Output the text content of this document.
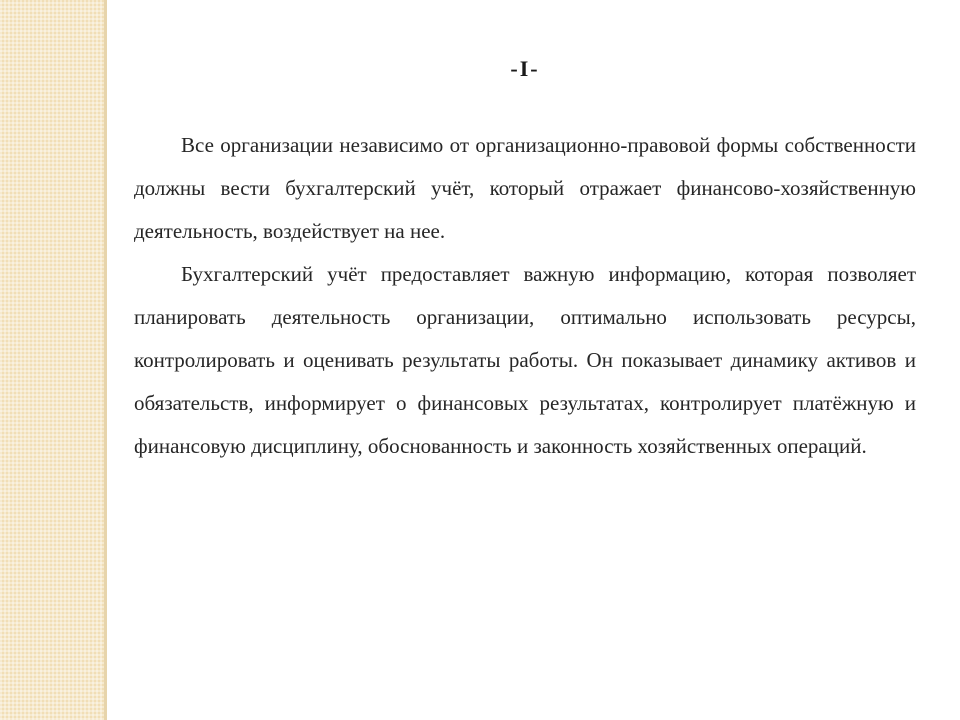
-I-

Все организации независимо от организационно-правовой формы собственности должны вести бухгалтерский учёт, который отражает финансово-хозяйственную деятельность, воздействует на нее.

Бухгалтерский учёт предоставляет важную информацию, которая позволяет планировать деятельность организации, оптимально использовать ресурсы, контролировать и оценивать результаты работы. Он показывает динамику активов и обязательств, информирует о финансовых результатах, контролирует платёжную и финансовую дисциплину, обоснованность и законность хозяйственных операций.
